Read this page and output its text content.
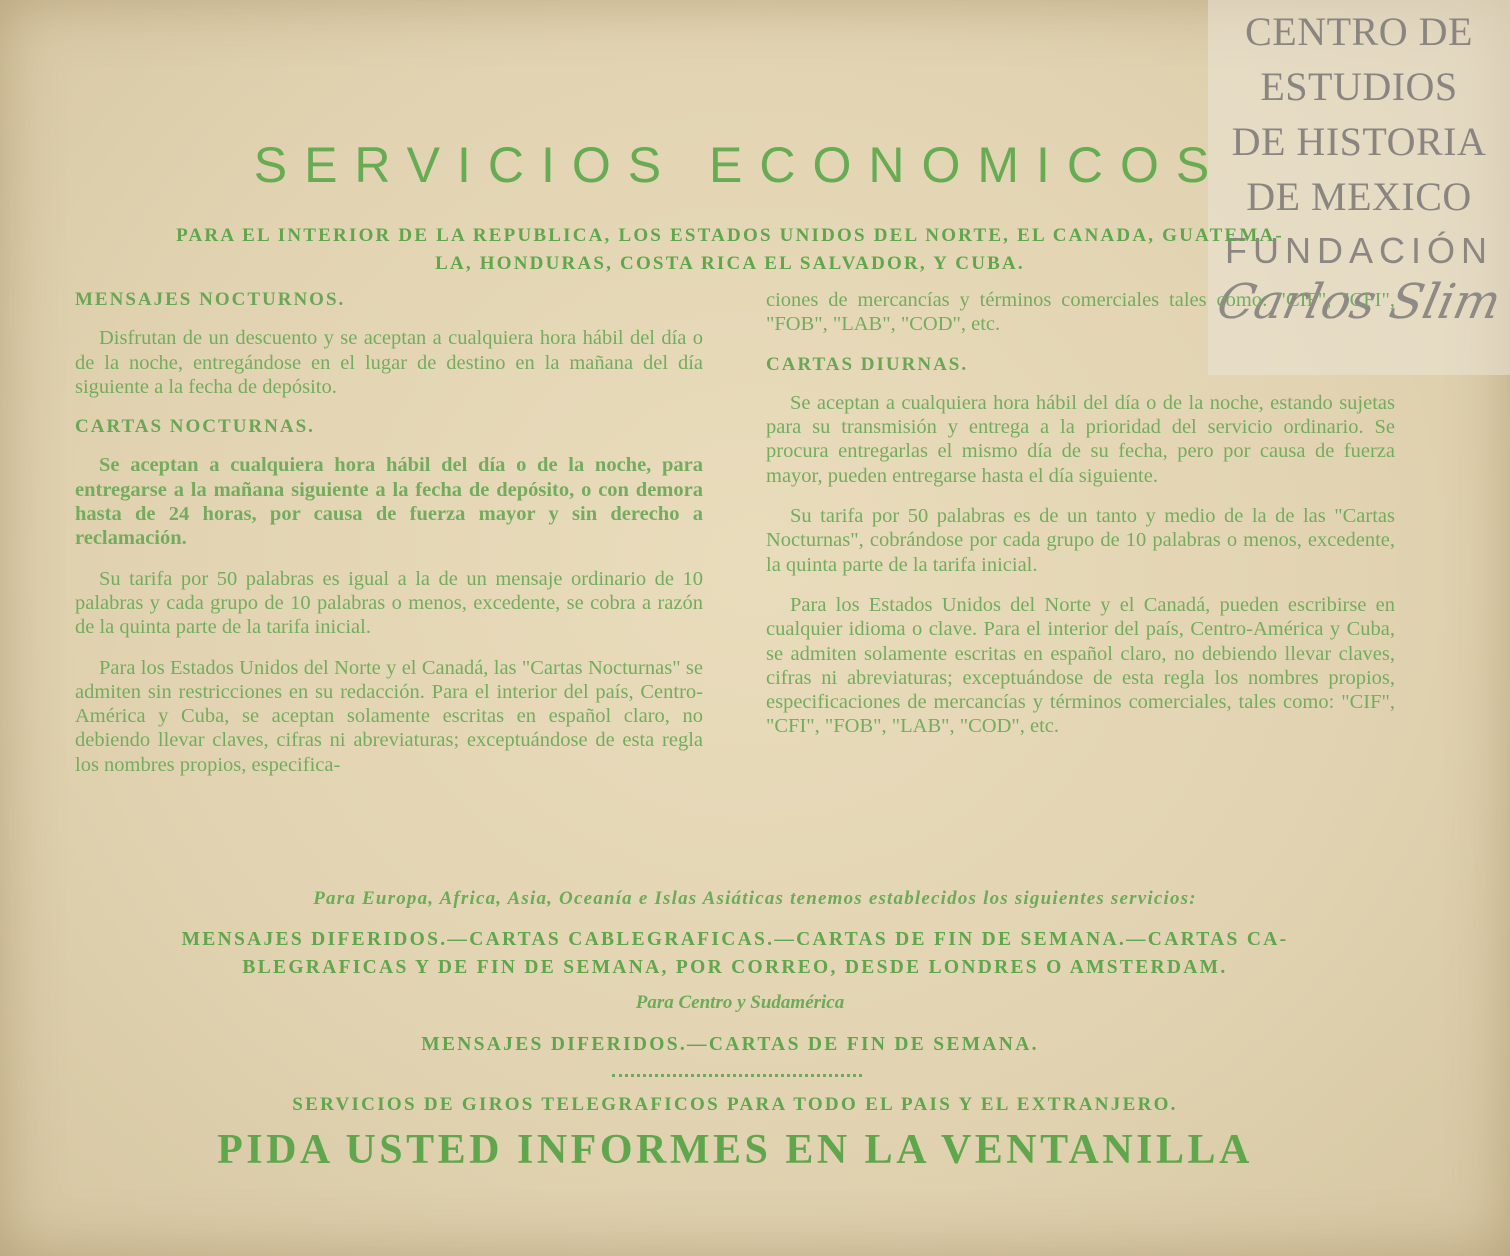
CENTRO DE
ESTUDIOS
DE HISTORIA
DE MEXICO
FUNDACIÓN
Carlos Slim
SERVICIOS ECONOMICOS
PARA EL INTERIOR DE LA REPUBLICA, LOS ESTADOS UNIDOS DEL NORTE, EL CANADA, GUATEMA-
LA, HONDURAS, COSTA RICA EL SALVADOR, Y CUBA.
MENSAJES NOCTURNOS.

Disfrutan de un descuento y se aceptan a cualquiera hora hábil del día o de la noche, entregándose en el lugar de destino en la mañana del día siguiente a la fecha de depósito.

CARTAS NOCTURNAS.

Se aceptan a cualquiera hora hábil del día o de la noche, para entregarse a la mañana siguiente a la fecha de depósito, o con demora hasta de 24 horas, por causa de fuerza mayor y sin derecho a reclamación.

Su tarifa por 50 palabras es igual a la de un mensaje ordinario de 10 palabras y cada grupo de 10 palabras o menos, excedente, se cobra a razón de la quinta parte de la tarifa inicial.

Para los Estados Unidos del Norte y el Canadá, las "Cartas Nocturnas" se admiten sin restricciones en su redacción. Para el interior del país, Centro-América y Cuba, se aceptan solamente escritas en español claro, no debiendo llevar claves, cifras ni abreviaturas; exceptuándose de esta regla los nombres propios, especifica-

ciones de mercancías y términos comerciales tales como: "CIF", "CFI", "FOB", "LAB", "COD", etc.

CARTAS DIURNAS.

Se aceptan a cualquiera hora hábil del día o de la noche, estando sujetas para su transmisión y entrega a la prioridad del servicio ordinario. Se procura entregarlas el mismo día de su fecha, pero por causa de fuerza mayor, pueden entregarse hasta el día siguiente.

Su tarifa por 50 palabras es de un tanto y medio de la de las "Cartas Nocturnas", cobrándose por cada grupo de 10 palabras o menos, excedente, la quinta parte de la tarifa inicial.

Para los Estados Unidos del Norte y el Canadá, pueden escribirse en cualquier idioma o clave. Para el interior del país, Centro-América y Cuba, se admiten solamente escritas en español claro, no debiendo llevar claves, cifras ni abreviaturas; exceptuándose de esta regla los nombres propios, especificaciones de mercancías y términos comerciales, tales como: "CIF", "CFI", "FOB", "LAB", "COD", etc.

Para Europa, Africa, Asia, Oceanía e Islas Asiáticas tenemos establecidos los siguientes servicios:
MENSAJES DIFERIDOS.—CARTAS CABLEGRAFICAS.—CARTAS DE FIN DE SEMANA.—CARTAS CA-
BLEGRAFICAS Y DE FIN DE SEMANA, POR CORREO, DESDE LONDRES O AMSTERDAM.
Para Centro y Sudamérica
MENSAJES DIFERIDOS.—CARTAS DE FIN DE SEMANA.
SERVICIOS DE GIROS TELEGRAFICOS PARA TODO EL PAIS Y EL EXTRANJERO.
PIDA USTED INFORMES EN LA VENTANILLA
